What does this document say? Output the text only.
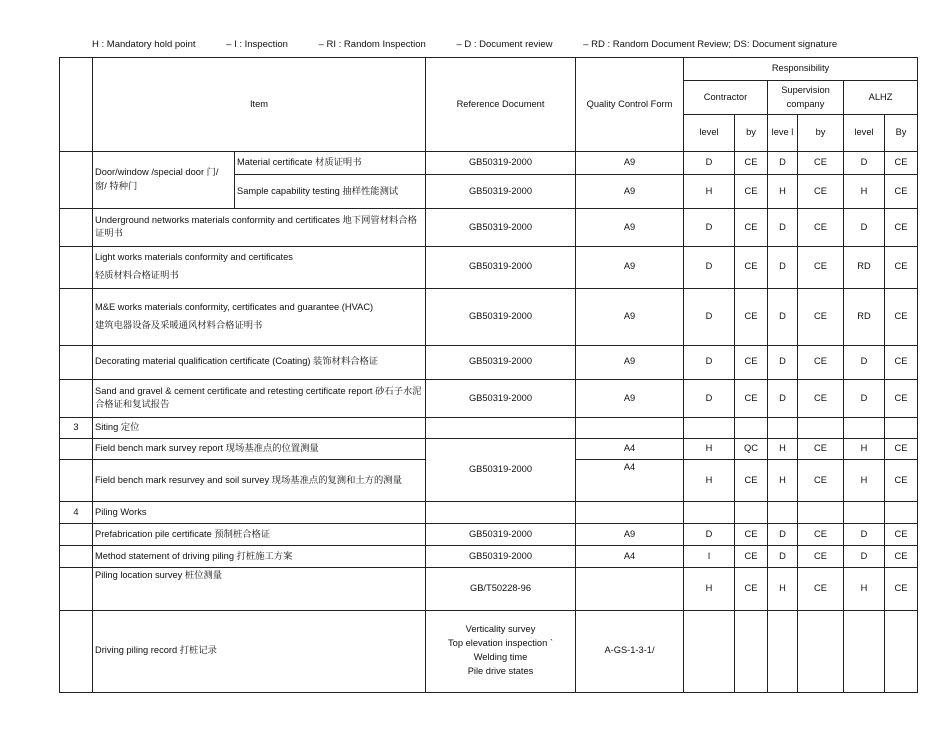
H : Mandatory hold point	– I : Inspection	– RI : Random Inspection	– D : Document review	– RD : Random Document Review; DS: Document signature
	Item		Reference Document	Quality Control Form	Responsibility					
					Contractor		Supervision company		ALHZ	
					level	by	leve l	by	level	By
	Door/window /special door 门/ 窗/ 特种门	Material certificate 材质证明书	GB50319-2000	A9	D	CE	D	CE	D	CE
		Sample capability testing 抽样性能测试	GB50319-2000	A9	H	CE	H	CE	H	CE
	Underground networks materials conformity and certificates 地下网管材料合格证明书		GB50319-2000	A9	D	CE	D	CE	D	CE

	Light works materials conformity and certificates
轻质材料合格证明书		GB50319-2000	A9	D	CE	D	CE	RD	CE

	M&E works materials conformity, certificates and guarantee (HVAC)
建筑电器设备及采暖通风材料合格证明书		GB50319-2000	A9	D	CE	D	CE	RD	CE
	Decorating material qualification certificate (Coating) 装饰材料合格证		GB50319-2000	A9	D	CE	D	CE	D	CE
	Sand and gravel & cement certificate and retesting certificate report 砂石子水泥合格证和复试报告		GB50319-2000	A9	D	CE	D	CE	D	CE
3	Siting 定位									
	Field bench mark survey report 现场基准点的位置测量		GB50319-2000	A4	H	QC	H	CE	H	CE
	Field bench mark resurvey and soil survey 现场基准点的复测和土方的测量			A4	H	CE	H	CE	H	CE
4	Piling Works									
	Prefabrication pile certificate 预制桩合格证		GB50319-2000	A9	D	CE	D	CE	D	CE
	Method statement of driving piling 打桩施工方案		GB50319-2000	A4	I	CE	D	CE	D	CE
	Piling location survey 桩位测量		GB/T50228-96		H	CE	H	CE	H	CE
	Driving piling record 打桩记录		Verticality survey
Top elevation inspection `
Welding time
Pile drive states	A-GS-1-3-1/						
